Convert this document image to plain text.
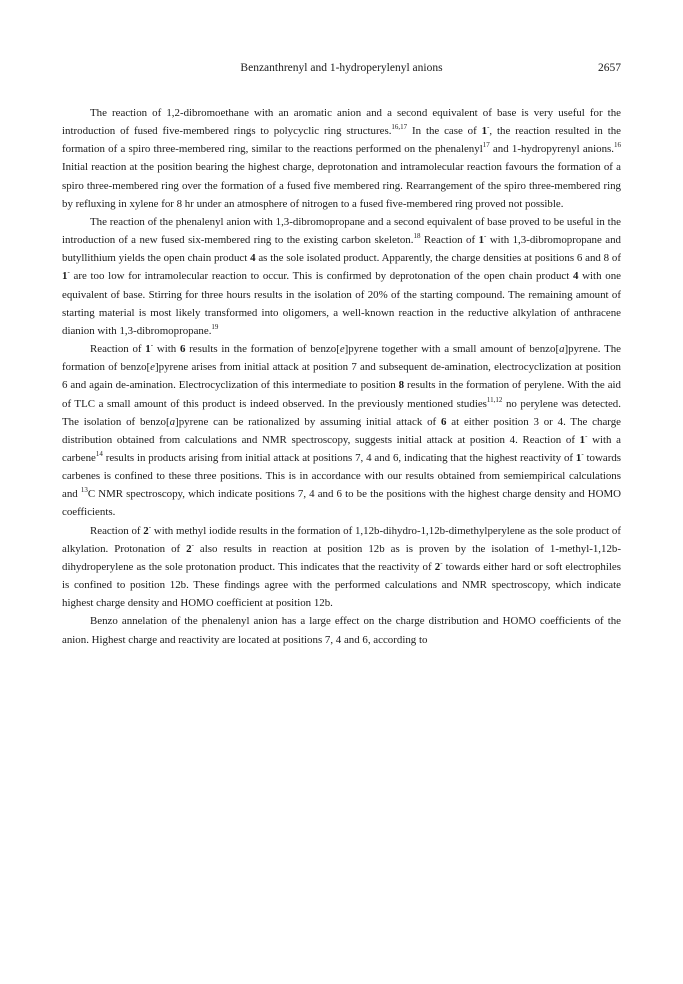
Benzanthrenyl and 1-hydroperylenyl anions	2657

The reaction of 1,2-dibromoethane with an aromatic anion and a second equivalent of base is very useful for the introduction of fused five-membered rings to polycyclic ring structures.$^{16,17}$ In the case of 1-, the reaction resulted in the formation of a spiro three-membered ring, similar to the reactions performed on the phenalenyl$^{17}$ and 1-hydropyrenyl anions.$^{16}$ Initial reaction at the position bearing the highest charge, deprotonation and intramolecular reaction favours the formation of a spiro three-membered ring over the formation of a fused five membered ring. Rearrangement of the spiro three-membered ring by refluxing in xylene for 8 hr under an atmosphere of nitrogen to a fused five-membered ring proved not possible.

The reaction of the phenalenyl anion with 1,3-dibromopropane and a second equivalent of base proved to be useful in the introduction of a new fused six-membered ring to the existing carbon skeleton.$^{18}$ Reaction of 1- with 1,3-dibromopropane and butyllithium yields the open chain product 4 as the sole isolated product. Apparently, the charge densities at positions 6 and 8 of 1- are too low for intramolecular reaction to occur. This is confirmed by deprotonation of the open chain product 4 with one equivalent of base. Stirring for three hours results in the isolation of 20% of the starting compound. The remaining amount of starting material is most likely transformed into oligomers, a well-known reaction in the reductive alkylation of anthracene dianion with 1,3-dibromopropane.$^{19}$

Reaction of 1- with 6 results in the formation of benzo[e]pyrene together with a small amount of benzo[a]pyrene. The formation of benzo[e]pyrene arises from initial attack at position 7 and subsequent de-amination, electrocyclization at position 6 and again de-amination. Electrocyclization of this intermediate to position 8 results in the formation of perylene. With the aid of TLC a small amount of this product is indeed observed. In the previously mentioned studies$^{11,12}$ no perylene was detected. The isolation of benzo[a]pyrene can be rationalized by assuming initial attack of 6 at either position 3 or 4. The charge distribution obtained from calculations and NMR spectroscopy, suggests initial attack at position 4. Reaction of 1- with a carbene$^{14}$ results in products arising from initial attack at positions 7, 4 and 6, indicating that the highest reactivity of 1- towards carbenes is confined to these three positions. This is in accordance with our results obtained from semiempirical calculations and $^{13}$C NMR spectroscopy, which indicate positions 7, 4 and 6 to be the positions with the highest charge density and HOMO coefficients.

Reaction of 2- with methyl iodide results in the formation of 1,12b-dihydro-1,12b-dimethylperylene as the sole product of alkylation. Protonation of 2- also results in reaction at position 12b as is proven by the isolation of 1-methyl-1,12b-dihydroperylene as the sole protonation product. This indicates that the reactivity of 2- towards either hard or soft electrophiles is confined to position 12b. These findings agree with the performed calculations and NMR spectroscopy, which indicate highest charge density and HOMO coefficient at position 12b.

Benzo annelation of the phenalenyl anion has a large effect on the charge distribution and HOMO coefficients of the anion. Highest charge and reactivity are located at positions 7, 4 and 6, according to
